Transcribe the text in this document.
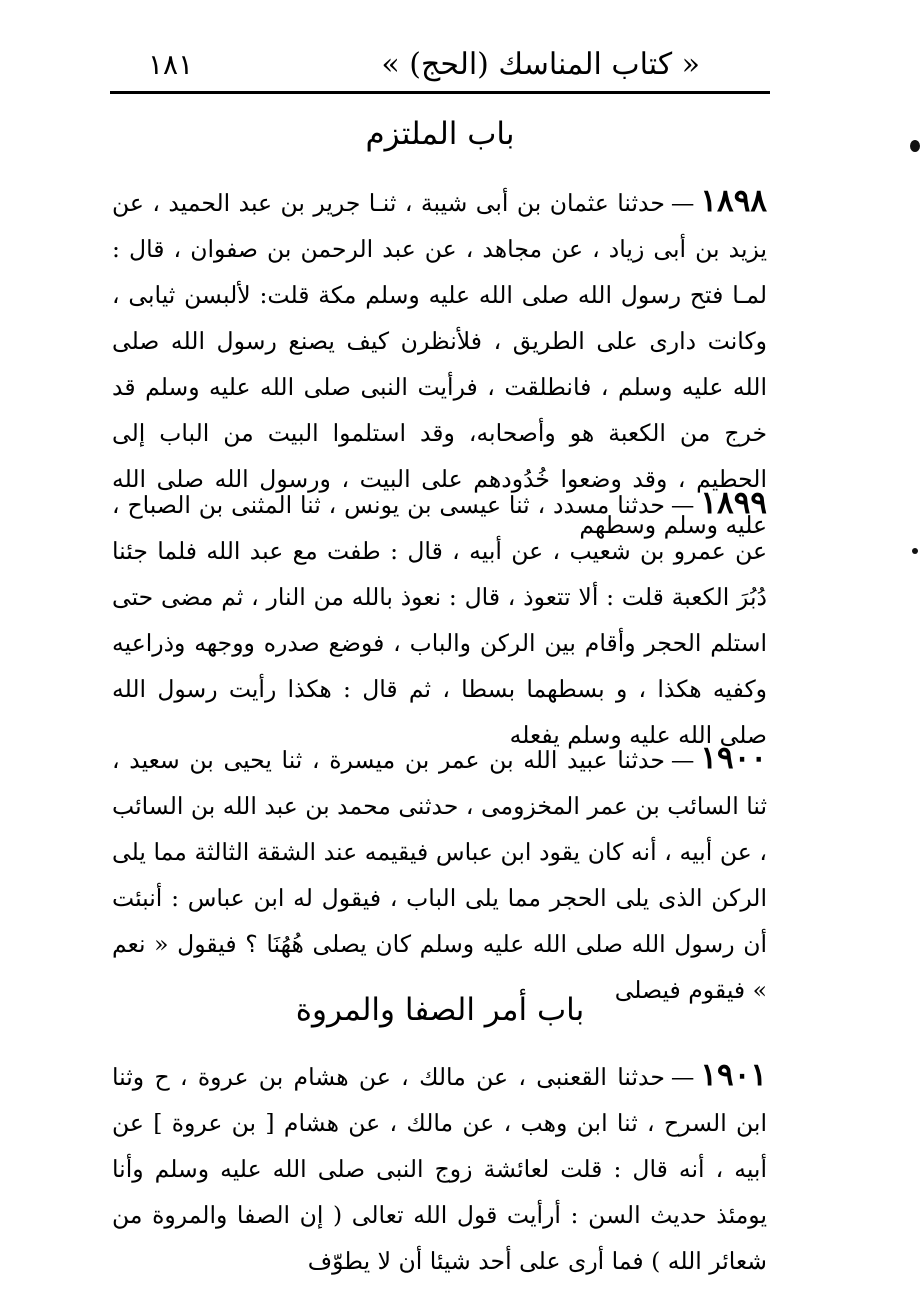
« كتاب المناسك (الحج) »
١٨١
باب الملتزم
١٨٩٨—حدثنا عثمان بن أبى شيبة ، ثنـا جرير بن عبد الحميد ، عن يزيد بن أبى زياد ، عن مجاهد ، عن عبد الرحمن بن صفوان ، قال : لمـا فتح رسول الله صلى الله عليه وسلم مكة قلت: لألبسن ثيابى ، وكانت دارى على الطريق ، فلأنظرن كيف يصنع رسول الله صلى الله عليه وسلم ، فانطلقت ، فرأيت النبى صلى الله عليه وسلم قد خرج من الكعبة هو وأصحابه، وقد استلموا البيت من الباب إلى الحطيم ، وقد وضعوا خُدُودهم على البيت ، ورسول الله صلى الله عليه وسلم وسطهم
١٨٩٩—حدثنا مسدد ، ثنا عيسى بن يونس ، ثنا المثنى بن الصباح ، عن عمرو بن شعيب ، عن أبيه ، قال : طفت مع عبد الله فلما جئنا دُبُرَ الكعبة قلت : ألا تتعوذ ، قال : نعوذ بالله من النار ، ثم مضى حتى استلم الحجر وأقام بين الركن والباب ، فوضع صدره ووجهه وذراعيه وكفيه هكذا ، و بسطهما بسطا ، ثم قال : هكذا رأيت رسول الله صلى الله عليه وسلم يفعله
١٩٠٠—حدثنا عبيد الله بن عمر بن ميسرة ، ثنا يحيى بن سعيد ، ثنا السائب بن عمر المخزومى ، حدثنى محمد بن عبد الله بن السائب ، عن أبيه ، أنه كان يقود ابن عباس فيقيمه عند الشقة الثالثة مما يلى الركن الذى يلى الحجر مما يلى الباب ، فيقول له ابن عباس : أنبئت أن رسول الله صلى الله عليه وسلم كان يصلى هُهُنَا ؟ فيقول « نعم » فيقوم فيصلى
باب أمر الصفا والمروة
١٩٠١—حدثنا القعنبى ، عن مالك ، عن هشام بن عروة ، ح وثنا ابن السرح ، ثنا ابن وهب ، عن مالك ، عن هشام [ بن عروة ] عن أبيه ، أنه قال : قلت لعائشة زوج النبى صلى الله عليه وسلم وأنا يومئذ حديث السن : أرأيت قول الله تعالى ( إن الصفا والمروة من شعائر الله ) فما أرى على أحد شيئا أن لا يطوّف
